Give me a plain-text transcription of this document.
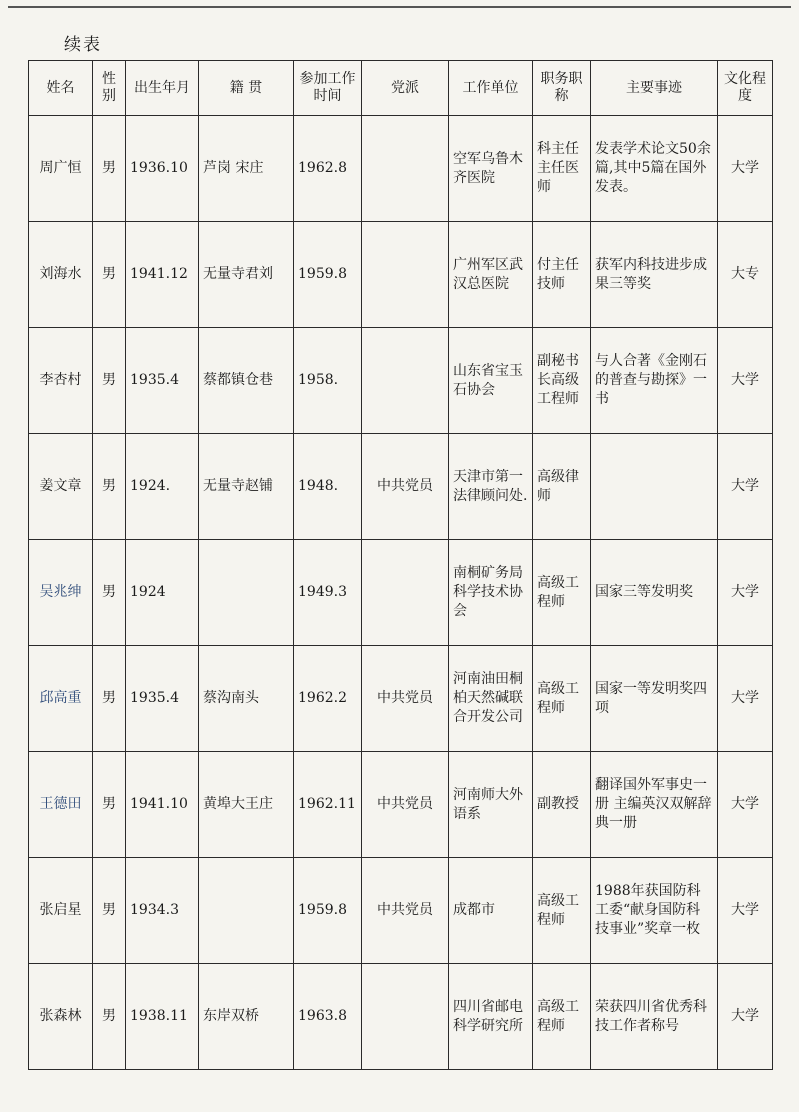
续表
姓名	性别	出生年月	籍 贯	参加工作时间	党派	工作单位	职务职称	主要事迹	文化程度
周广恒	男	1936.10	芦岗 宋庄	1962.8		空军乌鲁木齐医院	科主任主任医师	发表学术论文50余篇,其中5篇在国外发表。	大学
刘海水	男	1941.12	无量寺君刘	1959.8		广州军区武汉总医院	付主任技师	获军内科技进步成果三等奖	大专
李杏村	男	1935.4	蔡都镇仓巷	1958.		山东省宝玉石协会	副秘书长高级工程师	与人合著《金刚石的普查与勘探》一书	大学
姜文章	男	1924.	无量寺赵铺	1948.	中共党员	天津市第一法律顾问处.	高级律师		大学
吴兆绅	男	1924		1949.3		南桐矿务局科学技术协会	高级工程师	国家三等发明奖	大学
邱高重	男	1935.4	蔡沟南头	1962.2	中共党员	河南油田桐柏天然碱联合开发公司	高级工程师	国家一等发明奖四项	大学
王德田	男	1941.10	黄埠大王庄	1962.11	中共党员	河南师大外语系	副教授	翻译国外军事史一册 主编英汉双解辞典一册	大学
张启星	男	1934.3		1959.8	中共党员	成都市	高级工程师	1988年获国防科工委“献身国防科技事业”奖章一枚	大学
张森林	男	1938.11	东岸双桥	1963.8		四川省邮电科学研究所	高级工程师	荣获四川省优秀科技工作者称号	大学
